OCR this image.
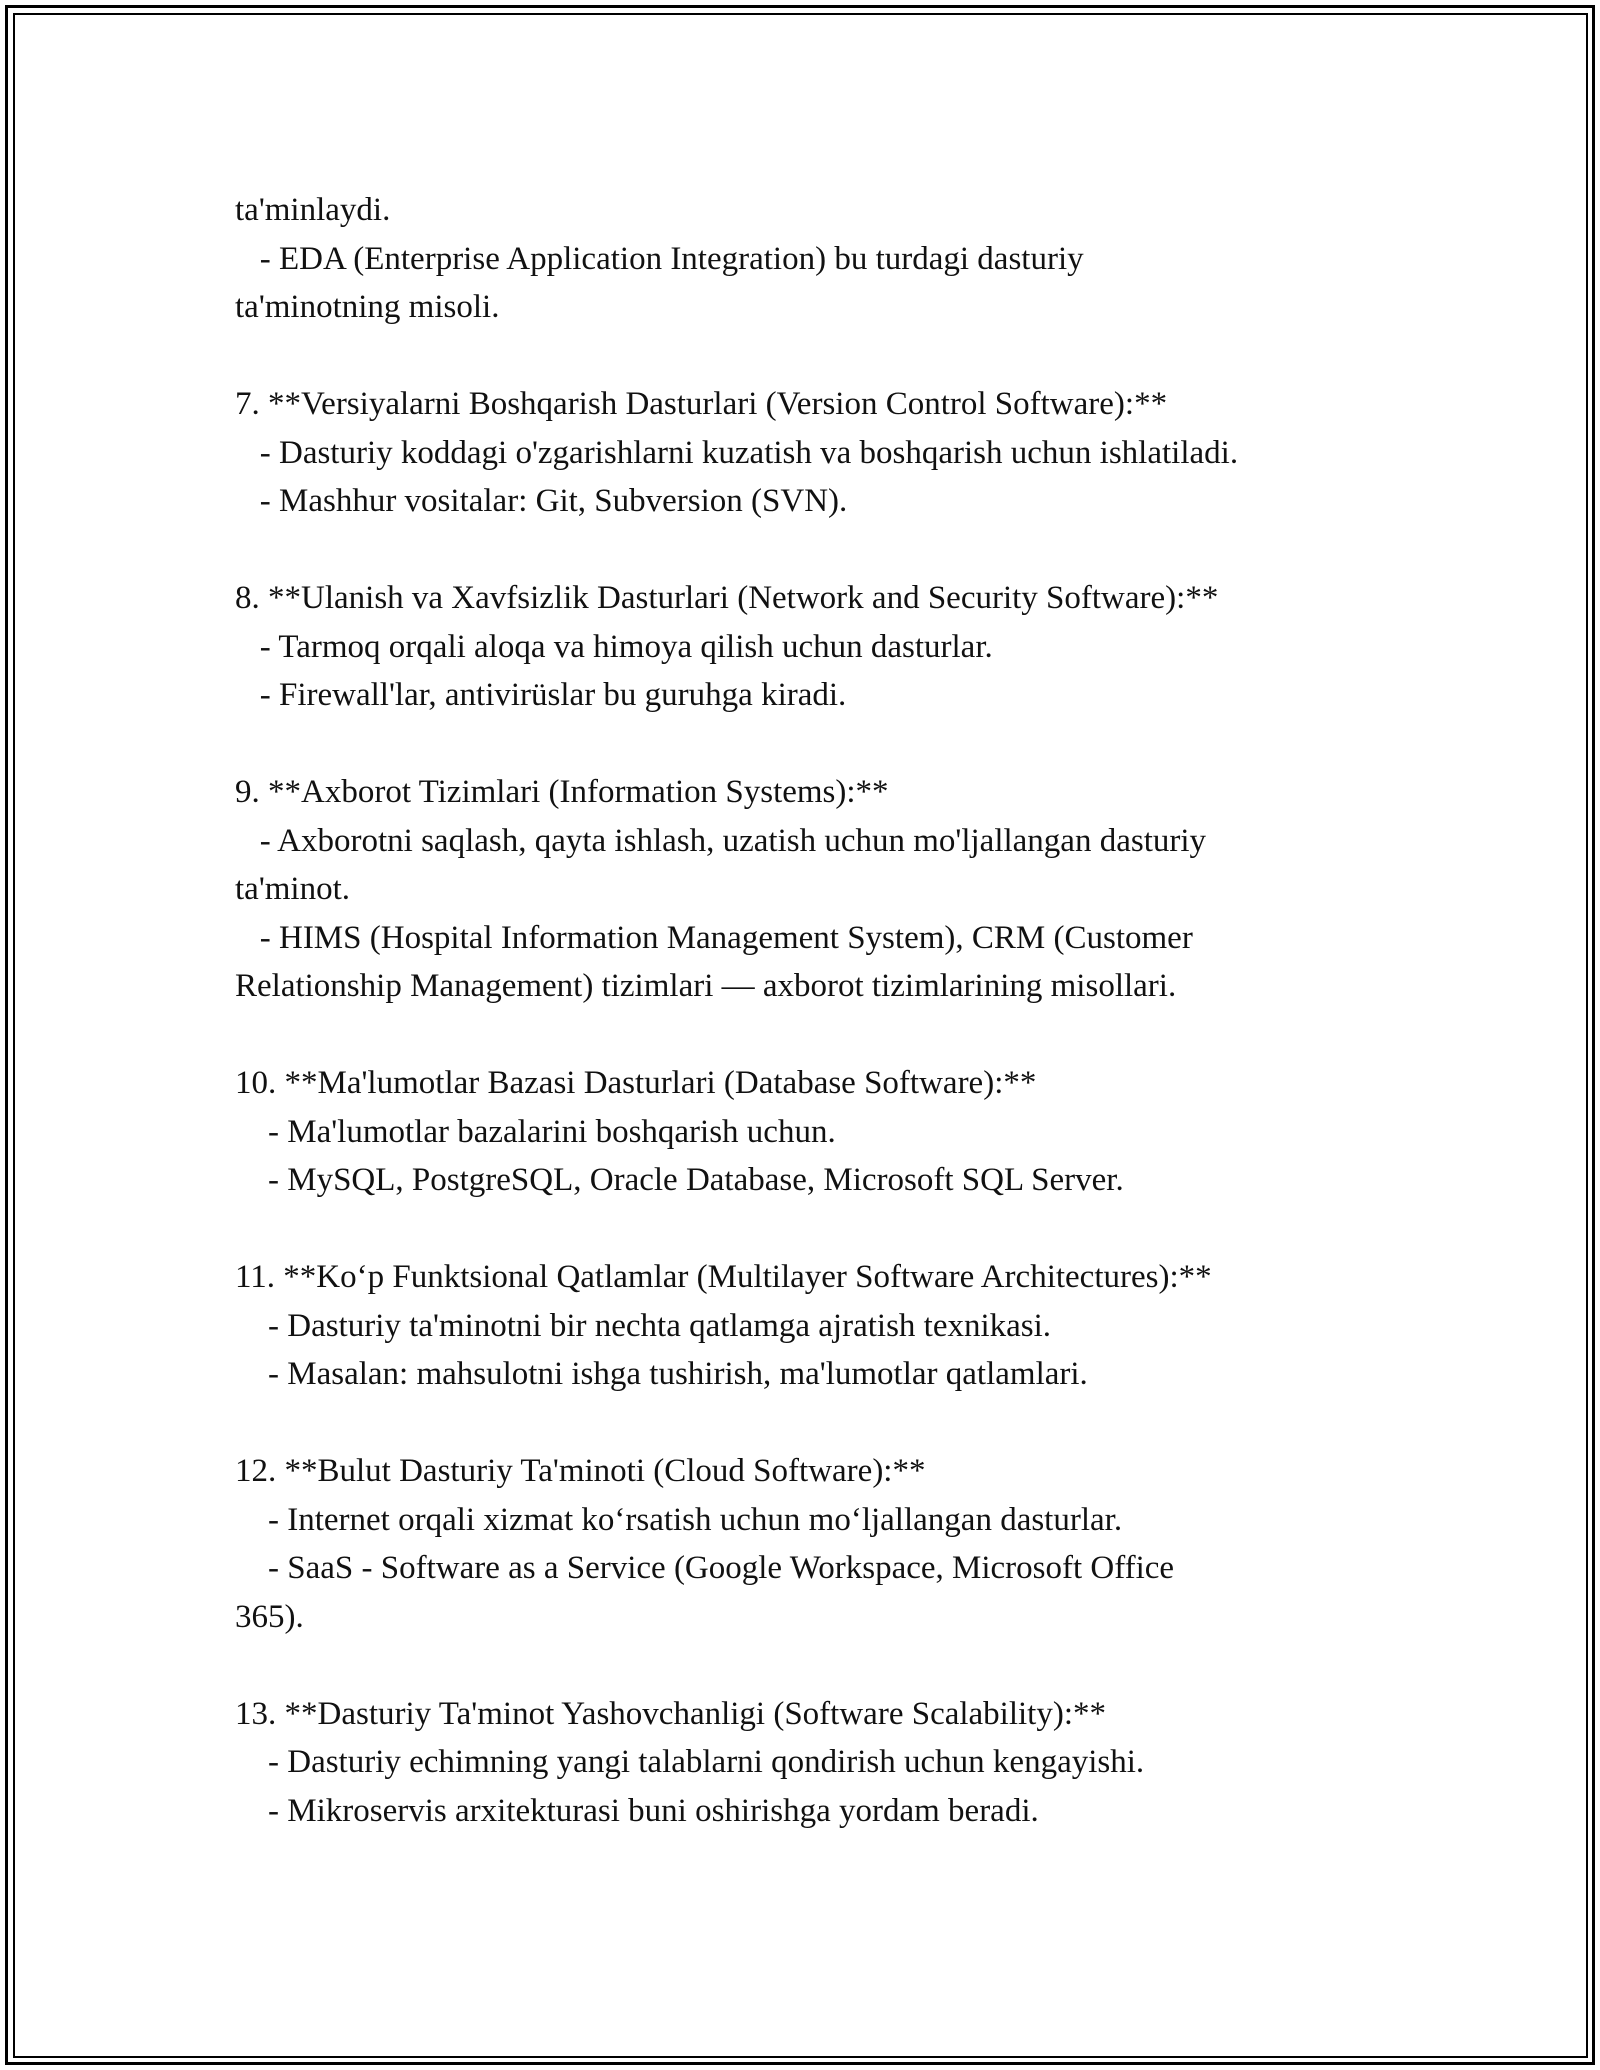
ta'minlaydi.
- EDA (Enterprise Application Integration) bu turdagi dasturiy
ta'minotning misoli.
7. **Versiyalarni Boshqarish Dasturlari (Version Control Software):**
- Dasturiy koddagi o'zgarishlarni kuzatish va boshqarish uchun ishlatiladi.
- Mashhur vositalar: Git, Subversion (SVN).
8. **Ulanish va Xavfsizlik Dasturlari (Network and Security Software):**
- Tarmoq orqali aloqa va himoya qilish uchun dasturlar.
- Firewall'lar, antivirüslar bu guruhga kiradi.
9. **Axborot Tizimlari (Information Systems):**
- Axborotni saqlash, qayta ishlash, uzatish uchun mo'ljallangan dasturiy
ta'minot.
- HIMS (Hospital Information Management System), CRM (Customer
Relationship Management) tizimlari — axborot tizimlarining misollari.
10. **Ma'lumotlar Bazasi Dasturlari (Database Software):**
- Ma'lumotlar bazalarini boshqarish uchun.
- MySQL, PostgreSQL, Oracle Database, Microsoft SQL Server.
11. **Koʻp Funktsional Qatlamlar (Multilayer Software Architectures):**
- Dasturiy ta'minotni bir nechta qatlamga ajratish texnikasi.
- Masalan: mahsulotni ishga tushirish, ma'lumotlar qatlamlari.
12. **Bulut Dasturiy Ta'minoti (Cloud Software):**
- Internet orqali xizmat koʻrsatish uchun moʻljallangan dasturlar.
- SaaS - Software as a Service (Google Workspace, Microsoft Office
365).
13. **Dasturiy Ta'minot Yashovchanligi (Software Scalability):**
- Dasturiy echimning yangi talablarni qondirish uchun kengayishi.
- Mikroservis arxitekturasi buni oshirishga yordam beradi.
